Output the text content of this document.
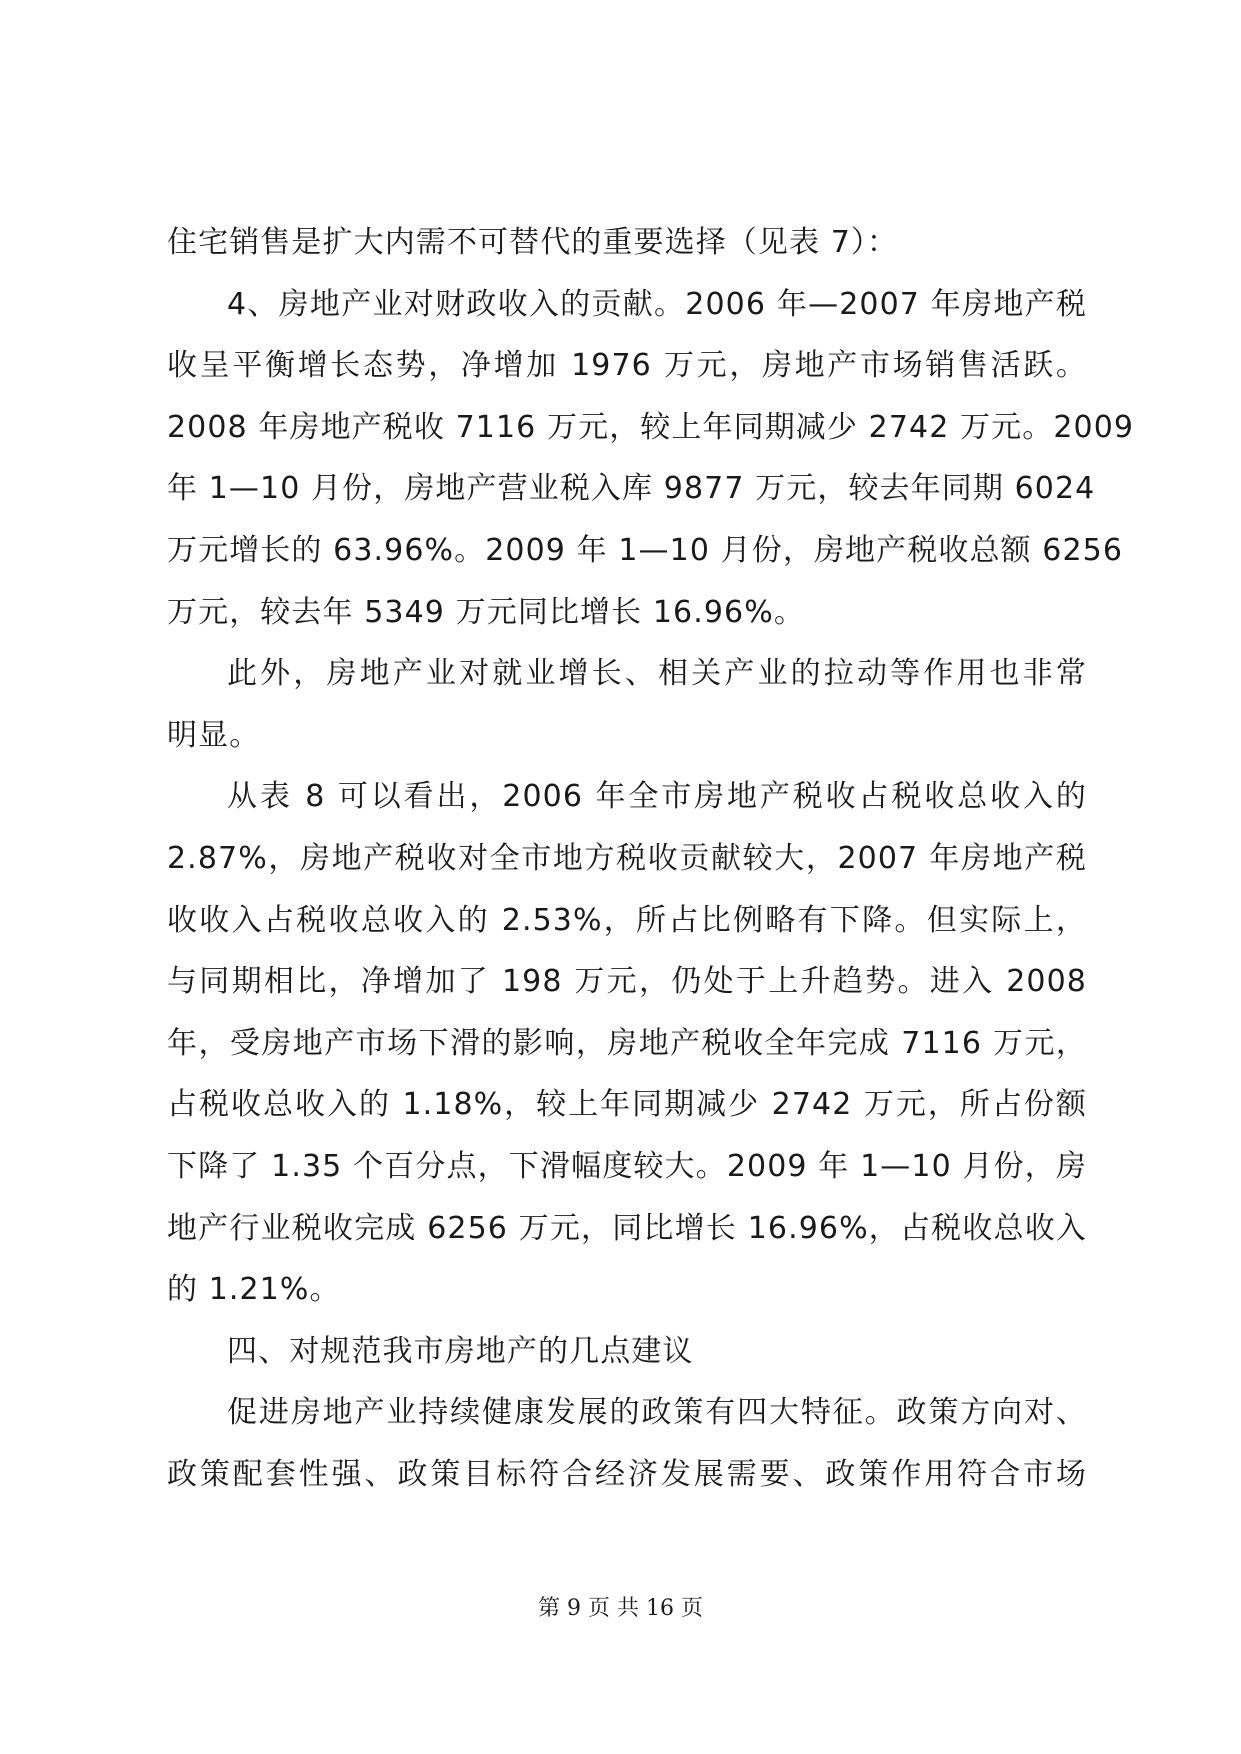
住宅销售是扩大内需不可替代的重要选择（见表 7）：
4、房地产业对财政收入的贡献。2006 年—2007 年房地产税
收呈平衡增长态势，净增加 1976 万元，房地产市场销售活跃。
2008 年房地产税收 7116 万元，较上年同期减少 2742 万元。2009
年 1—10 月份，房地产营业税入库 9877 万元，较去年同期 6024
万元增长的 63.96%。2009 年 1—10 月份，房地产税收总额 6256
万元，较去年 5349 万元同比增长 16.96%。
此外，房地产业对就业增长、相关产业的拉动等作用也非常
明显。
从表 8 可以看出，2006 年全市房地产税收占税收总收入的
2.87%，房地产税收对全市地方税收贡献较大，2007 年房地产税
收收入占税收总收入的 2.53%，所占比例略有下降。但实际上，
与同期相比，净增加了 198 万元，仍处于上升趋势。进入 2008
年，受房地产市场下滑的影响，房地产税收全年完成 7116 万元，
占税收总收入的 1.18%，较上年同期减少 2742 万元，所占份额
下降了 1.35 个百分点，下滑幅度较大。2009 年 1—10 月份，房
地产行业税收完成 6256 万元，同比增长 16.96%，占税收总收入
的 1.21%。
四、对规范我市房地产的几点建议
促进房地产业持续健康发展的政策有四大特征。政策方向对、
政策配套性强、政策目标符合经济发展需要、政策作用符合市场
第 9 页 共 16 页
